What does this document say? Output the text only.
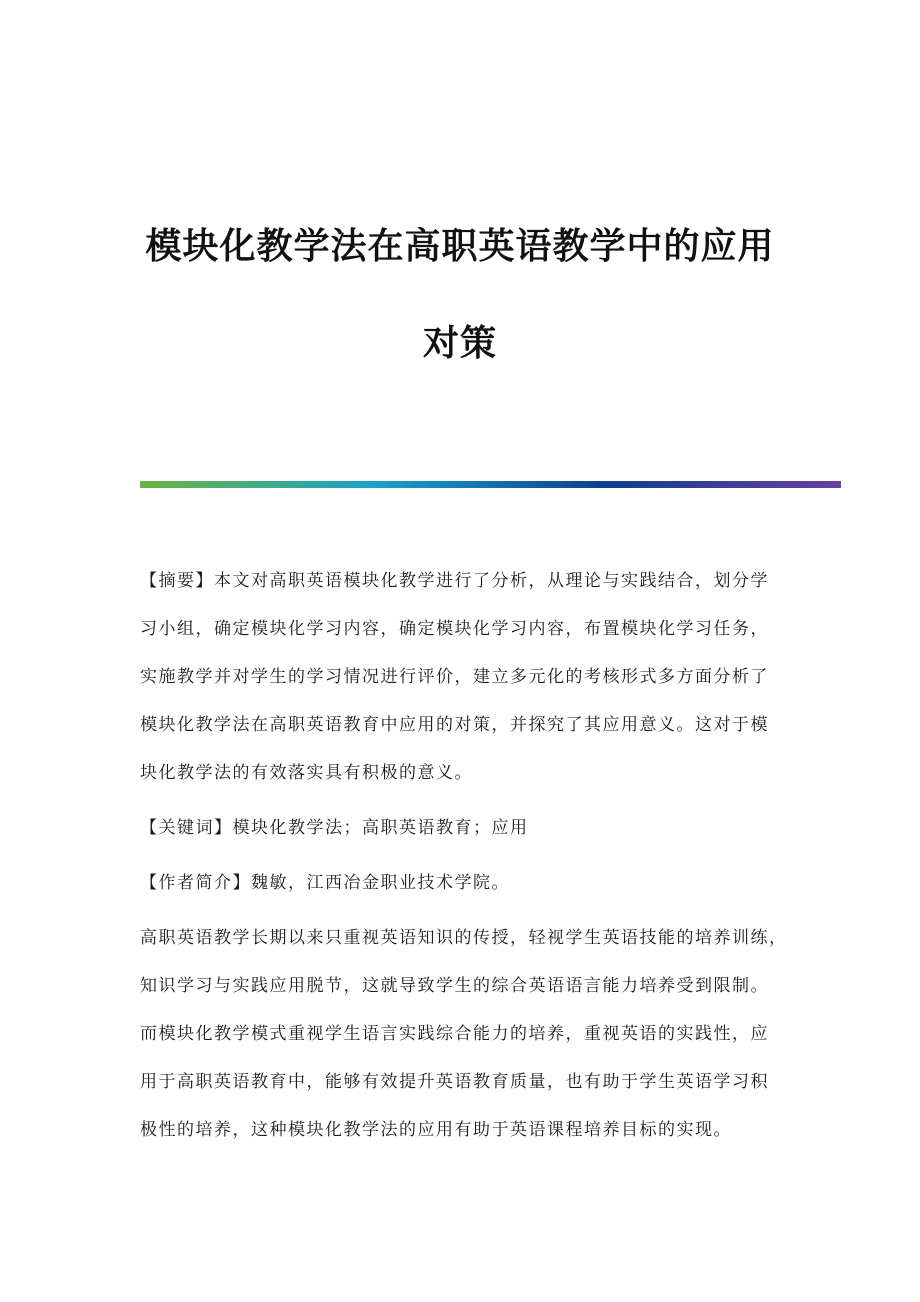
模块化教学法在高职英语教学中的应用
对策
【摘要】本文对高职英语模块化教学进行了分析，从理论与实践结合，划分学
习小组，确定模块化学习内容，确定模块化学习内容，布置模块化学习任务，
实施教学并对学生的学习情况进行评价，建立多元化的考核形式多方面分析了
模块化教学法在高职英语教育中应用的对策，并探究了其应用意义。这对于模
块化教学法的有效落实具有积极的意义。
【关键词】模块化教学法；高职英语教育；应用
【作者简介】魏敏，江西冶金职业技术学院。
高职英语教学长期以来只重视英语知识的传授，轻视学生英语技能的培养训练，
知识学习与实践应用脱节，这就导致学生的综合英语语言能力培养受到限制。
而模块化教学模式重视学生语言实践综合能力的培养，重视英语的实践性，应
用于高职英语教育中，能够有效提升英语教育质量，也有助于学生英语学习积
极性的培养，这种模块化教学法的应用有助于英语课程培养目标的实现。
